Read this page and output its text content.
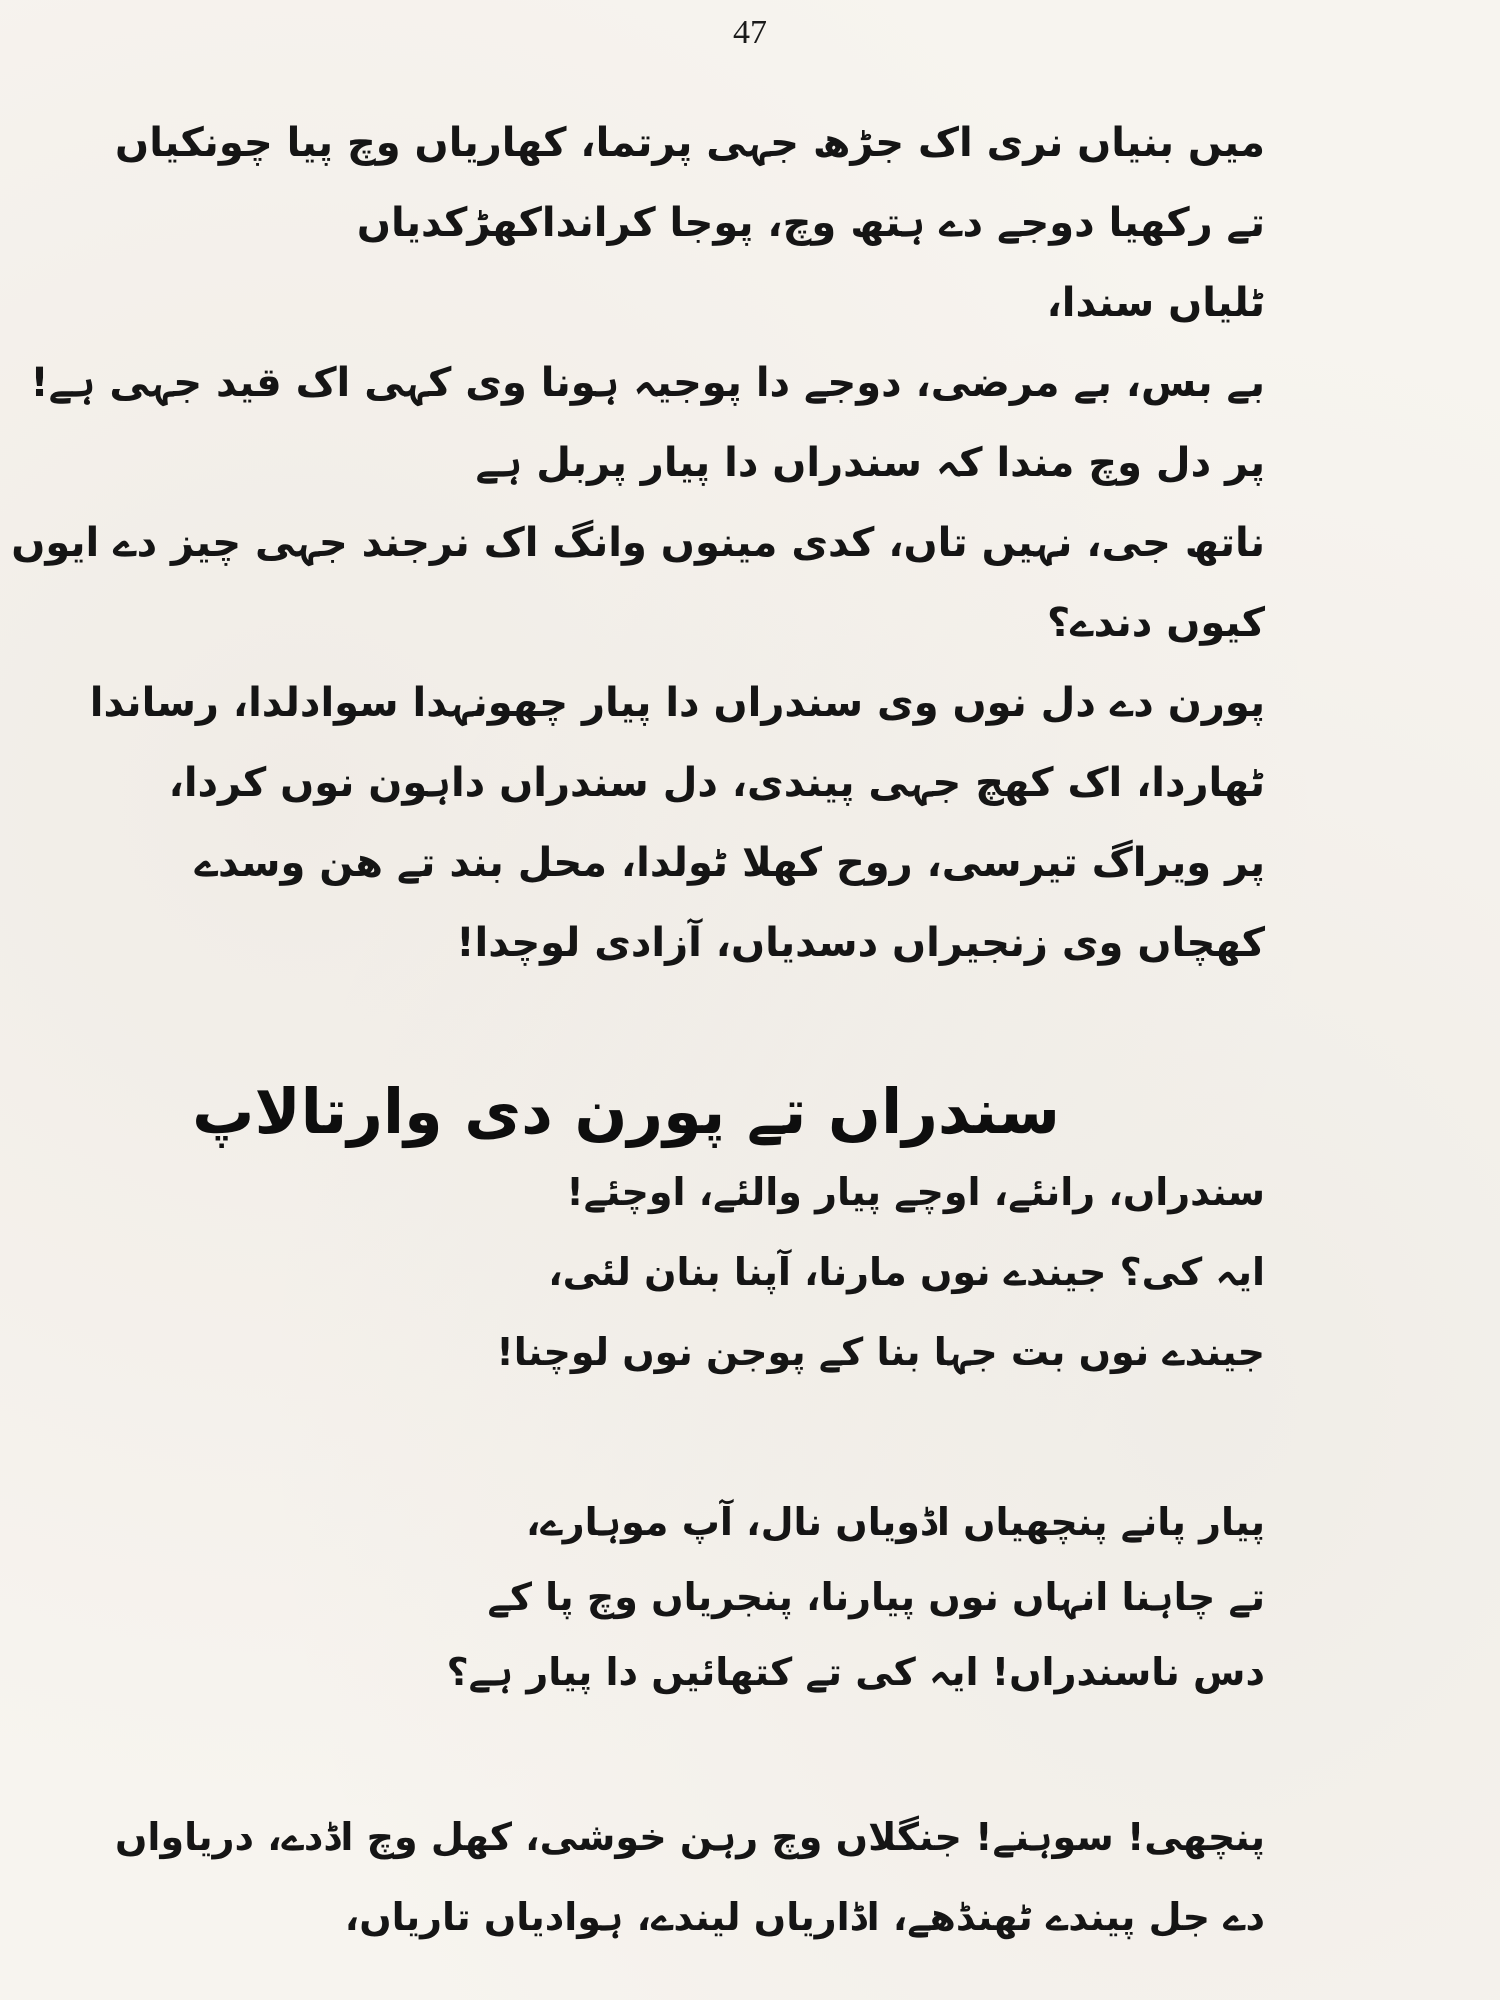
47
میں بنیاں نری اک جڑھ جہی پرتما، کھاریاں وچ پیا چونکیاں
تے رکھیا دوجے دے ہتھ وچ، پوجا کرانداکھڑکدیاں
ٹلیاں سندا،
بے بس، بے مرضی، دوجے دا پوجیہ ہونا وی کہی اک قید جہی ہے!
پر دل وچ مندا کہ سندراں دا پیار پربل ہے
ناتھ جی، نہیں تاں، کدی مینوں وانگ اک نرجند جہی چیز دے ایوں
کیوں دندے؟
پورن دے دل نوں وی سندراں دا پیار چھونہدا سوادلدا، رساندا
ٹھاردا، اک کھچ جہی پیندی، دل سندراں داہون نوں کردا،
پر ویراگ تیرسی، روح کھلا ٹولدا، محل بند تے ھن وسدے
کھچاں وی زنجیراں دسدیاں، آزادی لوچدا!
سندراں تے پورن دی وارتالاپ
سندراں، رانئے، اوچے پیار والئے، اوچئے!
ایہ کی؟ جیندے نوں مارنا، آپنا بنان لئی،
جیندے نوں بت جہا بنا کے پوجن نوں لوچنا!
پیار پانے پنچھیاں اڈویاں نال، آپ موہارے،
تے چاہنا انہاں نوں پیارنا، پنجریاں وچ پا کے
دس ناسندراں! ایہ کی تے کتھائیں دا پیار ہے؟
پنچھی! سوہنے! جنگلاں وچ رہن خوشی، کھل وچ اڈدے، دریاواں
دے جل پیندے ٹھنڈھے، اڈاریاں لیندے، ہوادیاں تاریاں،
